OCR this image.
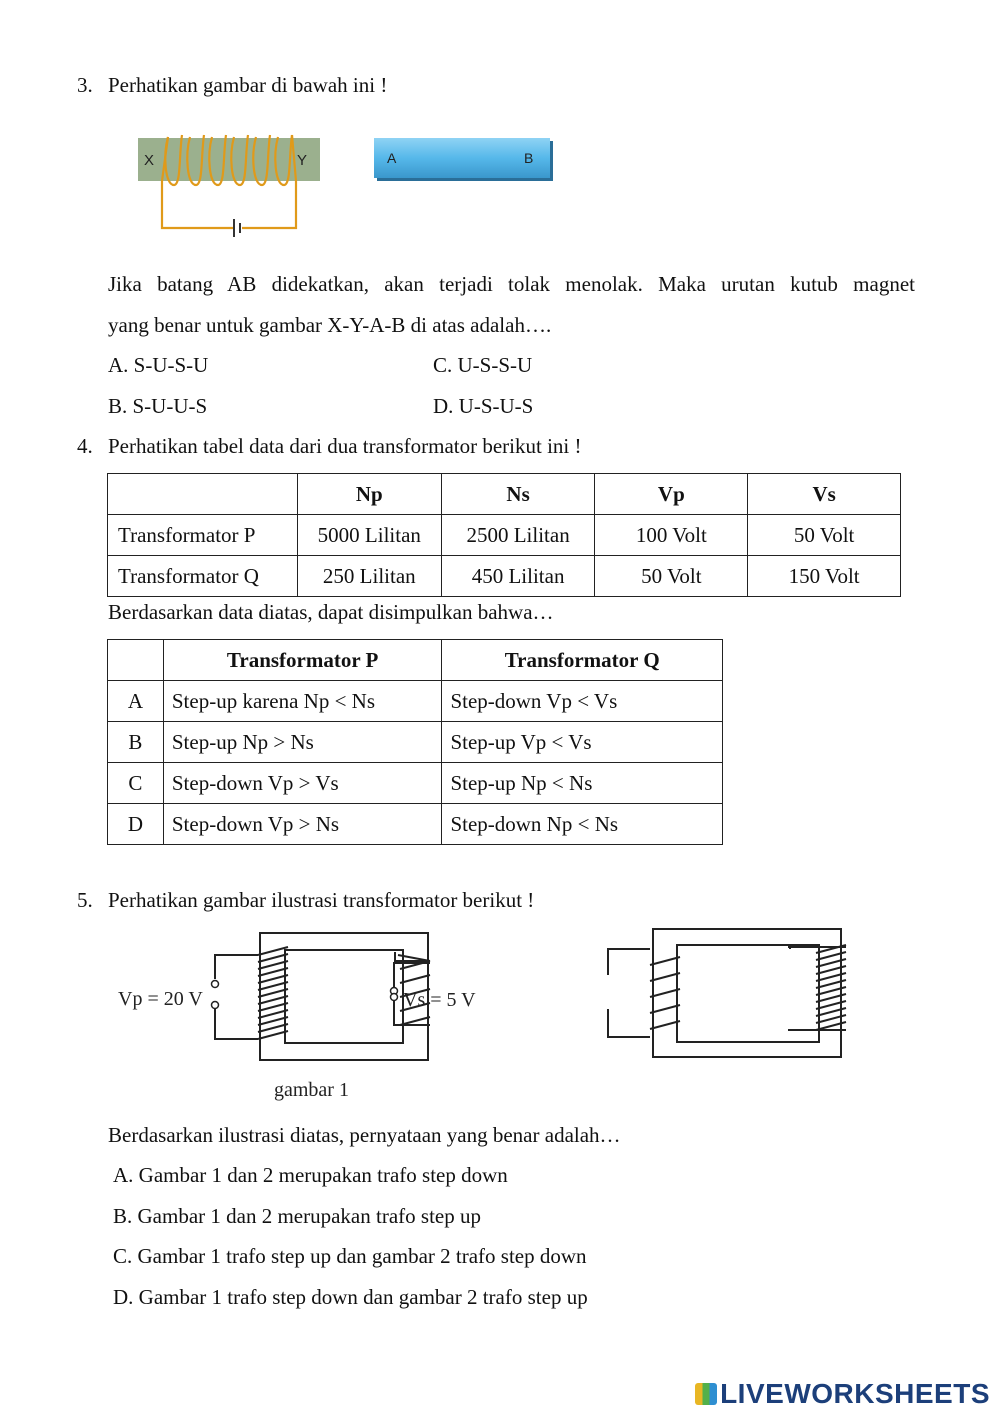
3. Perhatikan gambar di bawah ini !
X	Y	A	B
Jika batang AB didekatkan, akan terjadi tolak menolak. Maka urutan kutub magnet
yang benar untuk gambar X-Y-A-B di atas adalah….
A. S-U-S-U	C. U-S-S-U
B. S-U-U-S	D. U-S-U-S
4. Perhatikan tabel data dari dua transformator berikut ini !
	Np	Ns	Vp	Vs
Transformator P	5000 Lilitan	2500 Lilitan	100 Volt	50 Volt
Transformator Q	250 Lilitan	450 Lilitan	50 Volt	150 Volt
Berdasarkan data diatas, dapat disimpulkan bahwa…
	Transformator P	Transformator Q
A	Step-up karena Np < Ns	Step-down Vp < Vs
B	Step-up Np > Ns	Step-up Vp < Vs
C	Step-down Vp > Vs	Step-up Np < Ns
D	Step-down Vp > Ns	Step-down Np < Ns
5. Perhatikan gambar ilustrasi transformator berikut !
Vp = 20 V	Vs = 5 V
gambar 1
Berdasarkan ilustrasi diatas, pernyataan yang benar adalah…
A. Gambar 1 dan 2 merupakan trafo step down
B. Gambar 1 dan 2 merupakan trafo step up
C. Gambar 1 trafo step up dan gambar 2 trafo step down
D. Gambar 1 trafo step down dan gambar 2 trafo step up
LIVEWORKSHEETS
